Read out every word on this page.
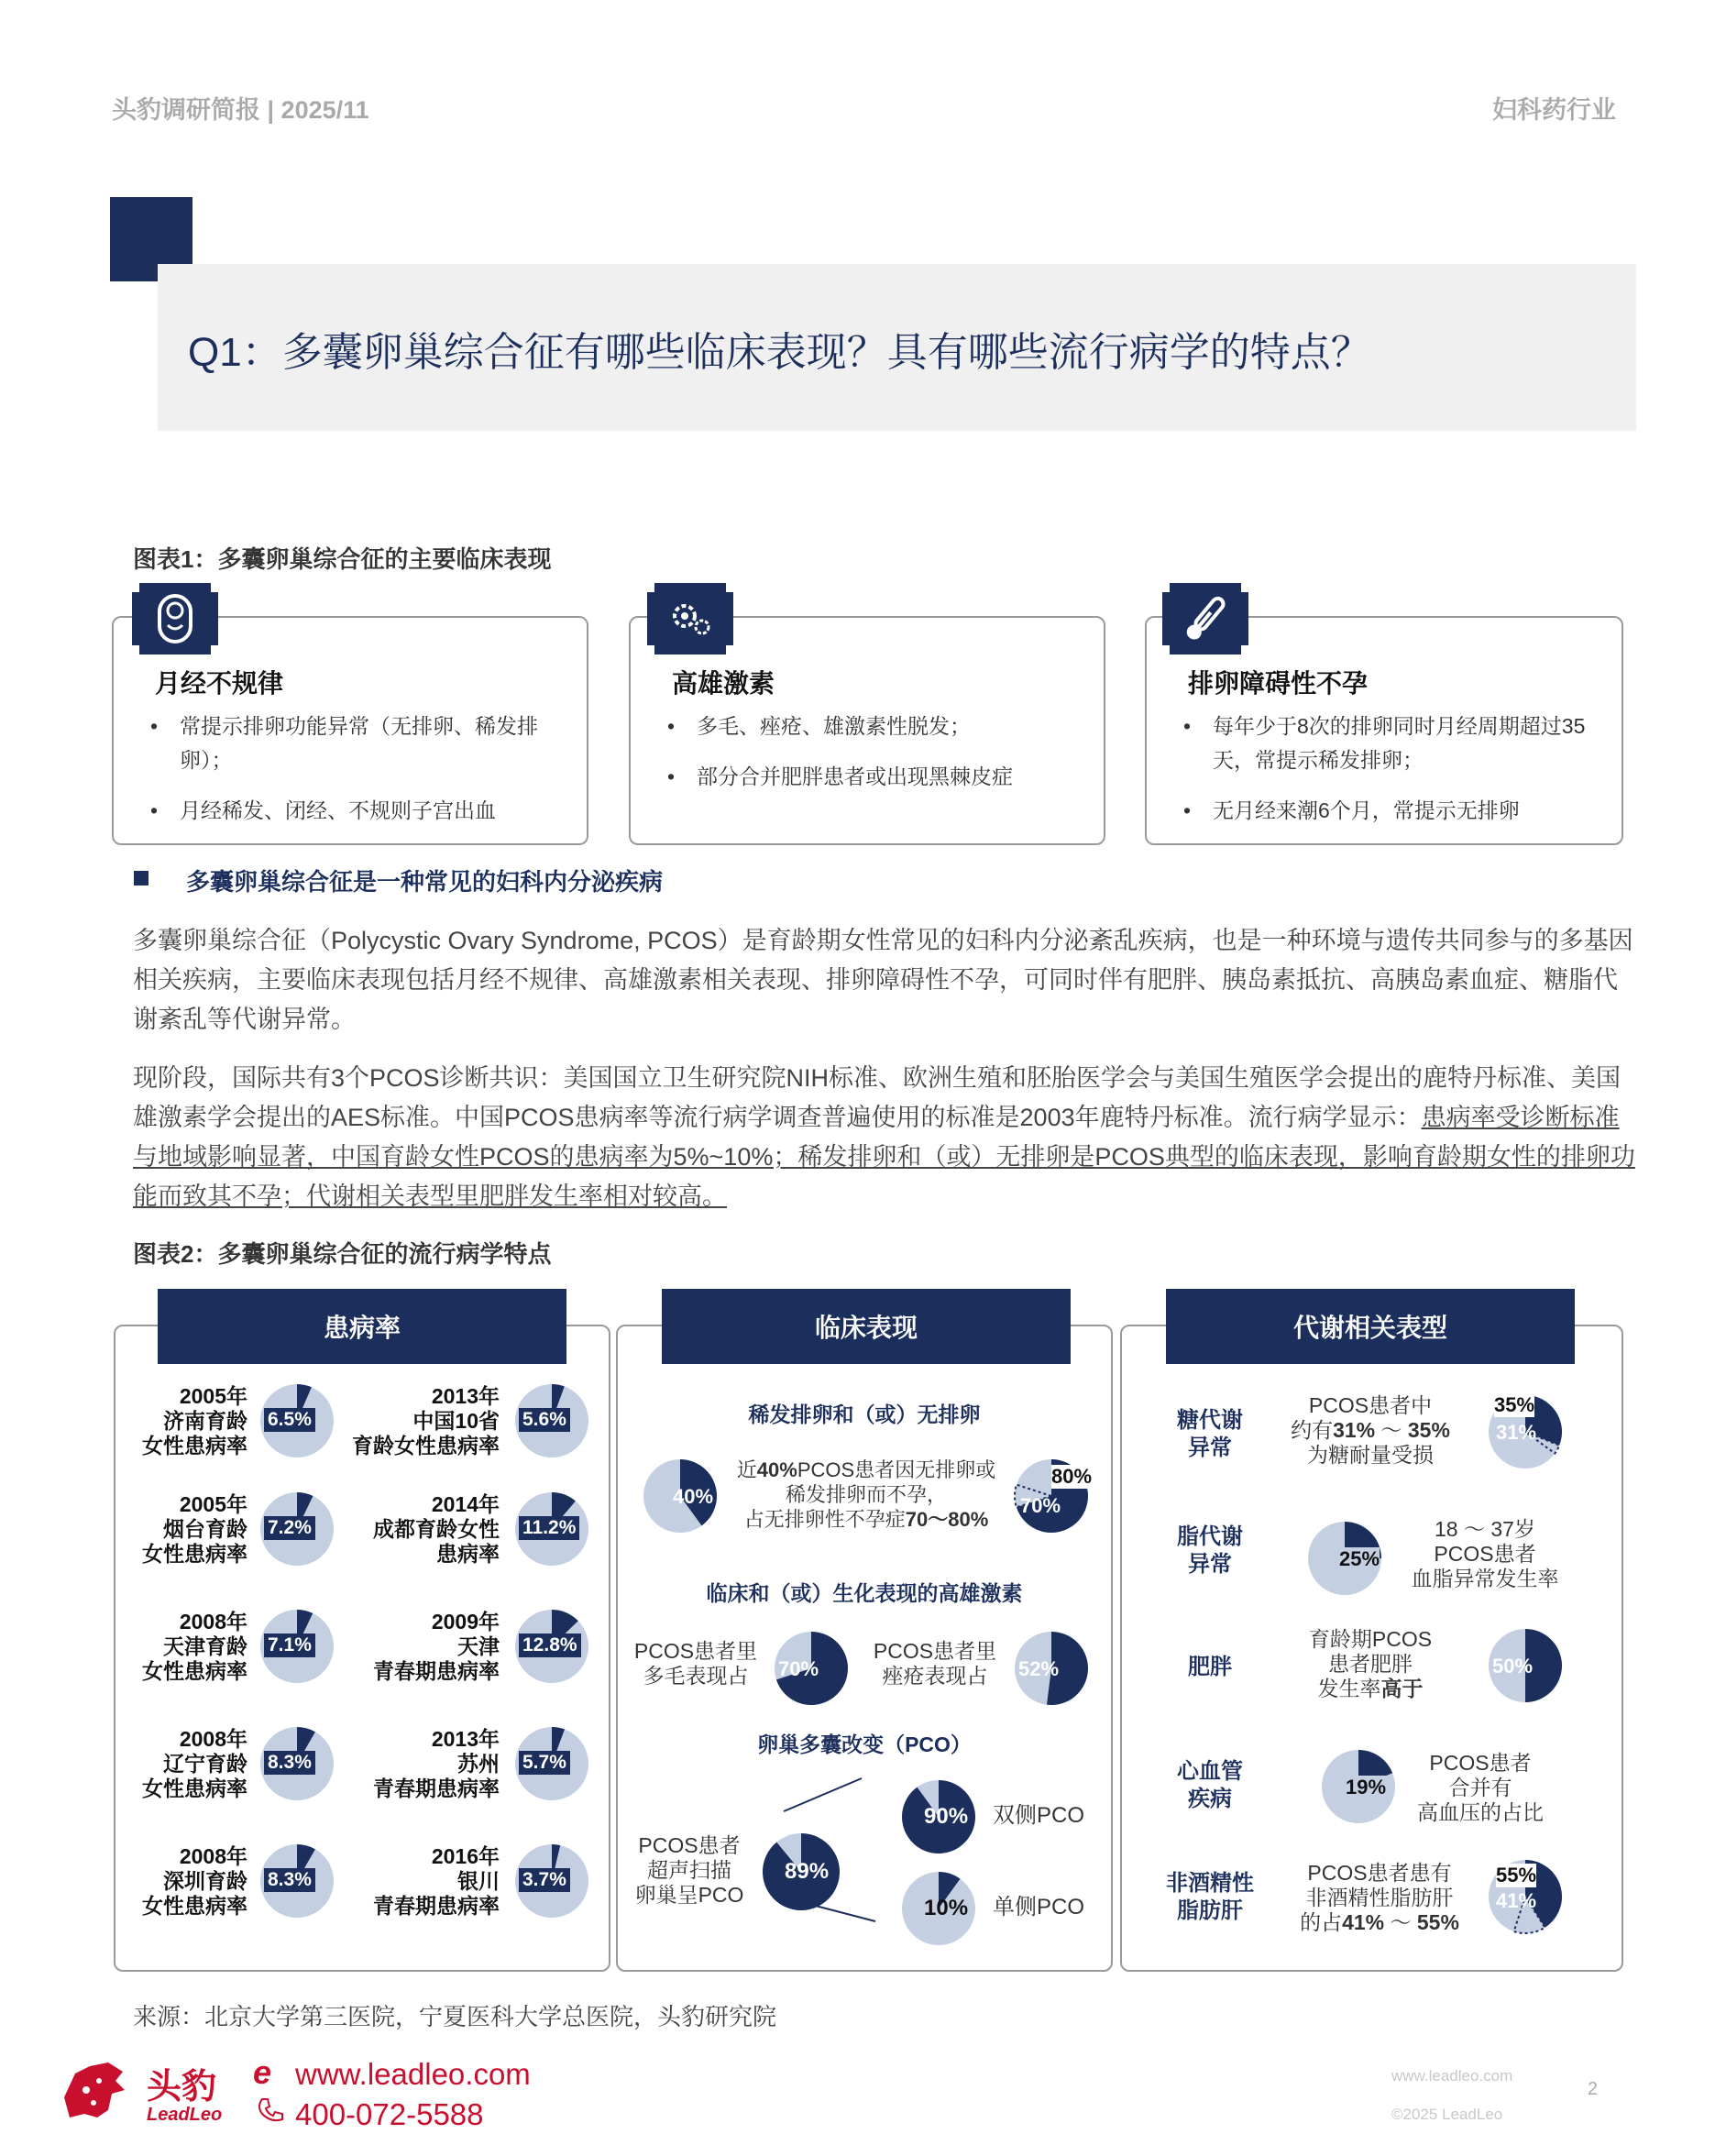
头豹调研简报 | 2025/11	妇科药行业
Q1：多囊卵巢综合征有哪些临床表现？具有哪些流行病学的特点？
图表1：多囊卵巢综合征的主要临床表现
月经不规律
• 常提示排卵功能异常（无排卵、稀发排卵）；
• 月经稀发、闭经、不规则子宫出血
高雄激素
• 多毛、痤疮、雄激素性脱发；
• 部分合并肥胖患者或出现黑棘皮症
排卵障碍性不孕
• 每年少于8次的排卵同时月经周期超过35天，常提示稀发排卵；
• 无月经来潮6个月，常提示无排卵
多囊卵巢综合征是一种常见的妇科内分泌疾病
多囊卵巢综合征（Polycystic Ovary Syndrome, PCOS）是育龄期女性常见的妇科内分泌紊乱疾病，也是一种环境与遗传共同参与的多基因相关疾病，主要临床表现包括月经不规律、高雄激素相关表现、排卵障碍性不孕，可同时伴有肥胖、胰岛素抵抗、高胰岛素血症、糖脂代谢紊乱等代谢异常。
现阶段，国际共有3个PCOS诊断共识：美国国立卫生研究院NIH标准、欧洲生殖和胚胎医学会与美国生殖医学会提出的鹿特丹标准、美国雄激素学会提出的AES标准。中国PCOS患病率等流行病学调查普遍使用的标准是2003年鹿特丹标准。流行病学显示：患病率受诊断标准与地域影响显著，中国育龄女性PCOS的患病率为5%~10%；稀发排卵和（或）无排卵是PCOS典型的临床表现，影响育龄期女性的排卵功能而致其不孕；代谢相关表型里肥胖发生率相对较高。
图表2：多囊卵巢综合征的流行病学特点
患病率
2005年
济南育龄
女性患病率
6.5%
2005年
烟台育龄
女性患病率
7.2%
2008年
天津育龄
女性患病率
7.1%
2008年
辽宁育龄
女性患病率
8.3%
2008年
深圳育龄
女性患病率
8.3%
2013年
中国10省
育龄女性患病率
5.6%
2014年
成都育龄女性
患病率
11.2%
2009年
天津
青春期患病率
12.8%
2013年
苏州
青春期患病率
5.7%
2016年
银川
青春期患病率
3.7%
临床表现
稀发排卵和（或）无排卵
40%
近40%PCOS患者因无排卵或
稀发排卵而不孕，
占无排卵性不孕症70～80%
70%
80%
临床和（或）生化表现的高雄激素
PCOS患者里
多毛表现占	70%
PCOS患者里
痤疮表现占	52%
卵巢多囊改变（PCO）
PCOS患者
超声扫描
卵巢呈PCO
89%
90% 双侧PCO
10% 单侧PCO
代谢相关表型
糖代谢
异常
PCOS患者中
约有31% ～ 35%
为糖耐量受损
35%
31%
脂代谢
异常	25%
18 ～ 37岁
PCOS患者
血脂异常发生率
肥胖
育龄期PCOS
患者肥胖
发生率高于
50%
心血管
疾病	19%
PCOS患者
合并有
高血压的占比
非酒精性
脂肪肝
PCOS患者患有
非酒精性脂肪肝
的占41% ～ 55%
55%
41%
来源：北京大学第三医院，宁夏医科大学总医院，头豹研究院
头豹
LeadLeo
e www.leadleo.com
400-072-5588
www.leadleo.com
©2025 LeadLeo
2
